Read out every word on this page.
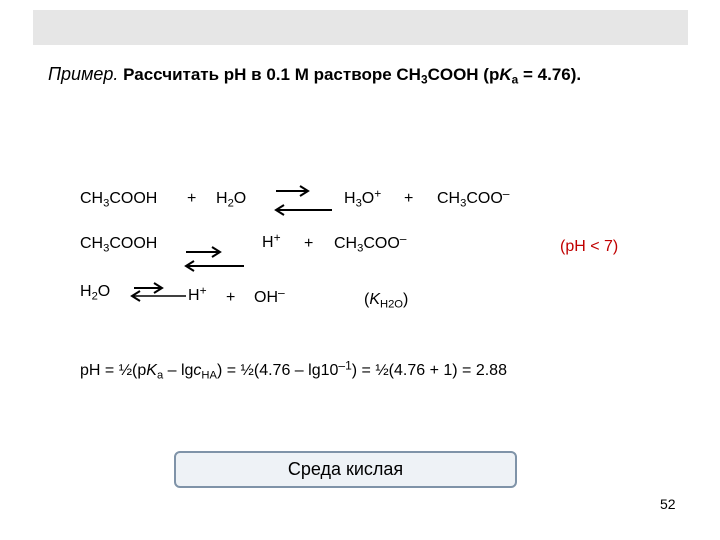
Пример. Рассчитать pH в 0.1 M растворе $CH_3COOH$ $(pK_a = 4.76)$.
$CH_3COOH + H_2O$	$H_3O^+ + CH_3COO^-$
$CH_3COOH$	$H^+ + CH_3COO^-$	(pH < 7)
$H_2O$	H+ + OH–	$(K_{H2O})$
pH = $\frac{1}{2}(pK_a - \lg c_{HA})$ = ½(4.76 – $\lg 10^{-1}$) = ½(4.76 + 1) = 2.88
Среда кислая
52
